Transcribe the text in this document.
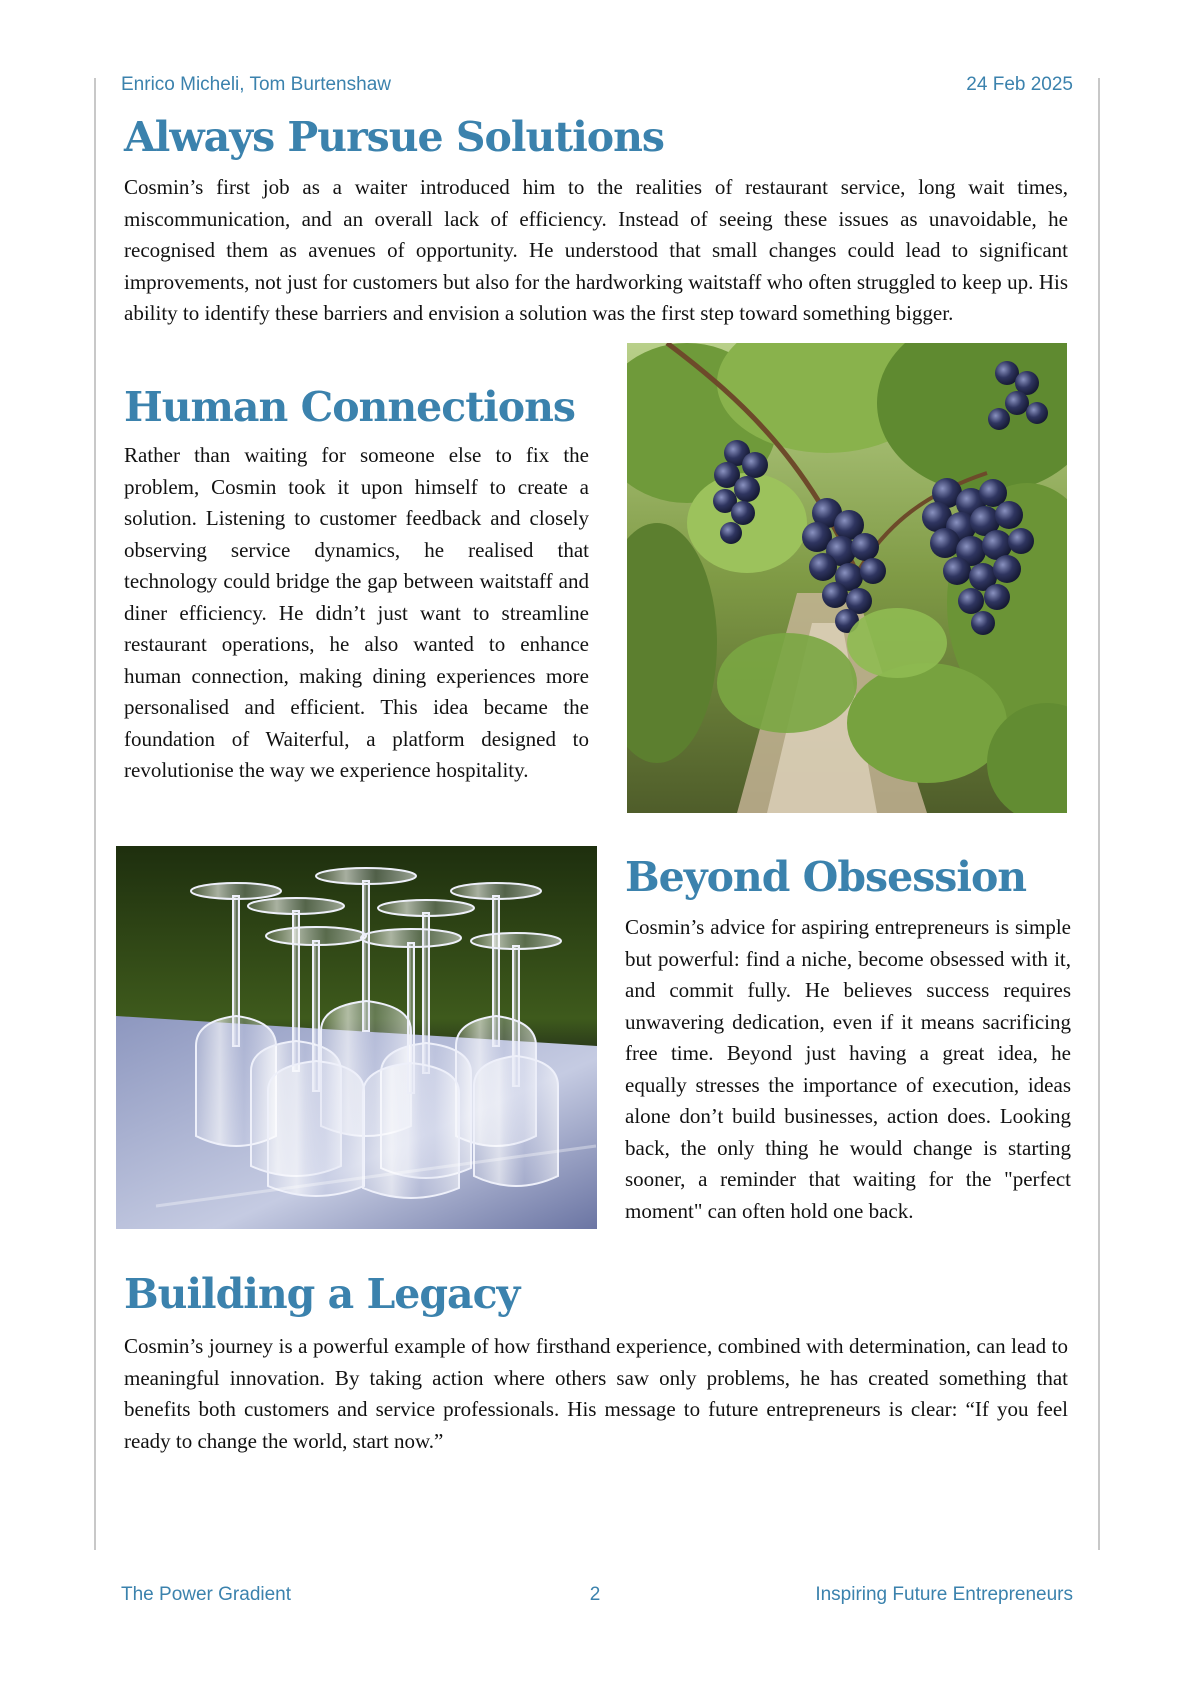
Enrico Micheli, Tom Burtenshaw	24 Feb 2025
Always Pursue Solutions

Cosmin’s first job as a waiter introduced him to the realities of restaurant service, long wait times, miscommunication, and an overall lack of efficiency. Instead of seeing these issues as unavoidable, he recognised them as avenues of opportunity. He understood that small changes could lead to significant improvements, not just for customers but also for the hardworking waitstaff who often struggled to keep up. His ability to identify these barriers and envision a solution was the first step toward something bigger.

Human Connections

Rather than waiting for someone else to fix the problem, Cosmin took it upon himself to create a solution. Listening to customer feedback and closely observing service dynamics, he realised that technology could bridge the gap between waitstaff and diner efficiency. He didn’t just want to streamline restaurant operations, he also wanted to enhance human connection, making dining experiences more personalised and efficient. This idea became the foundation of Waiterful, a platform designed to revolutionise the way we experience hospitality.

Beyond Obsession

Cosmin’s advice for aspiring entrepreneurs is simple but powerful: find a niche, become obsessed with it, and commit fully. He believes success requires unwavering dedication, even if it means sacrificing free time. Beyond just having a great idea, he equally stresses the importance of execution, ideas alone don’t build businesses, action does. Looking back, the only thing he would change is starting sooner, a reminder that waiting for the "perfect moment" can often hold one back.

Building a Legacy

Cosmin’s journey is a powerful example of how firsthand experience, combined with determination, can lead to meaningful innovation. By taking action where others saw only problems, he has created something that benefits both customers and service professionals. His message to future entrepreneurs is clear: “If you feel ready to change the world, start now.”

The Power Gradient	2	Inspiring Future Entrepreneurs
